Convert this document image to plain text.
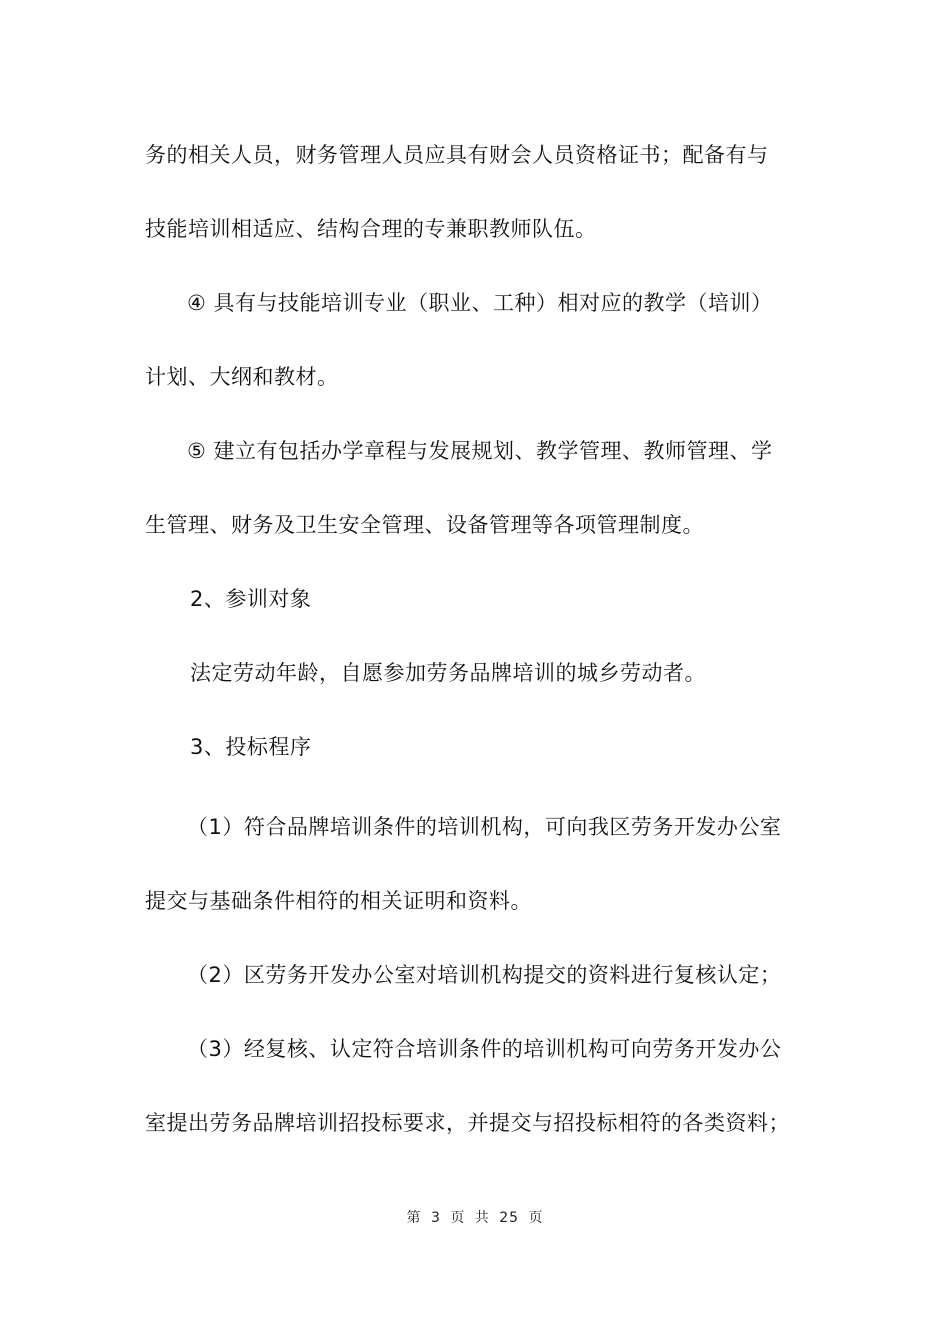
务的相关人员，财务管理人员应具有财会人员资格证书；配备有与
技能培训相适应、结构合理的专兼职教师队伍。
④ 具有与技能培训专业（职业、工种）相对应的教学（培训）
计划、大纲和教材。
⑤ 建立有包括办学章程与发展规划、教学管理、教师管理、学
生管理、财务及卫生安全管理、设备管理等各项管理制度。
2、参训对象
法定劳动年龄，自愿参加劳务品牌培训的城乡劳动者。
3、投标程序
（1）符合品牌培训条件的培训机构，可向我区劳务开发办公室
提交与基础条件相符的相关证明和资料。
（2）区劳务开发办公室对培训机构提交的资料进行复核认定；
（3）经复核、认定符合培训条件的培训机构可向劳务开发办公
室提出劳务品牌培训招投标要求，并提交与招投标相符的各类资料；
第 3 页 共 25 页
